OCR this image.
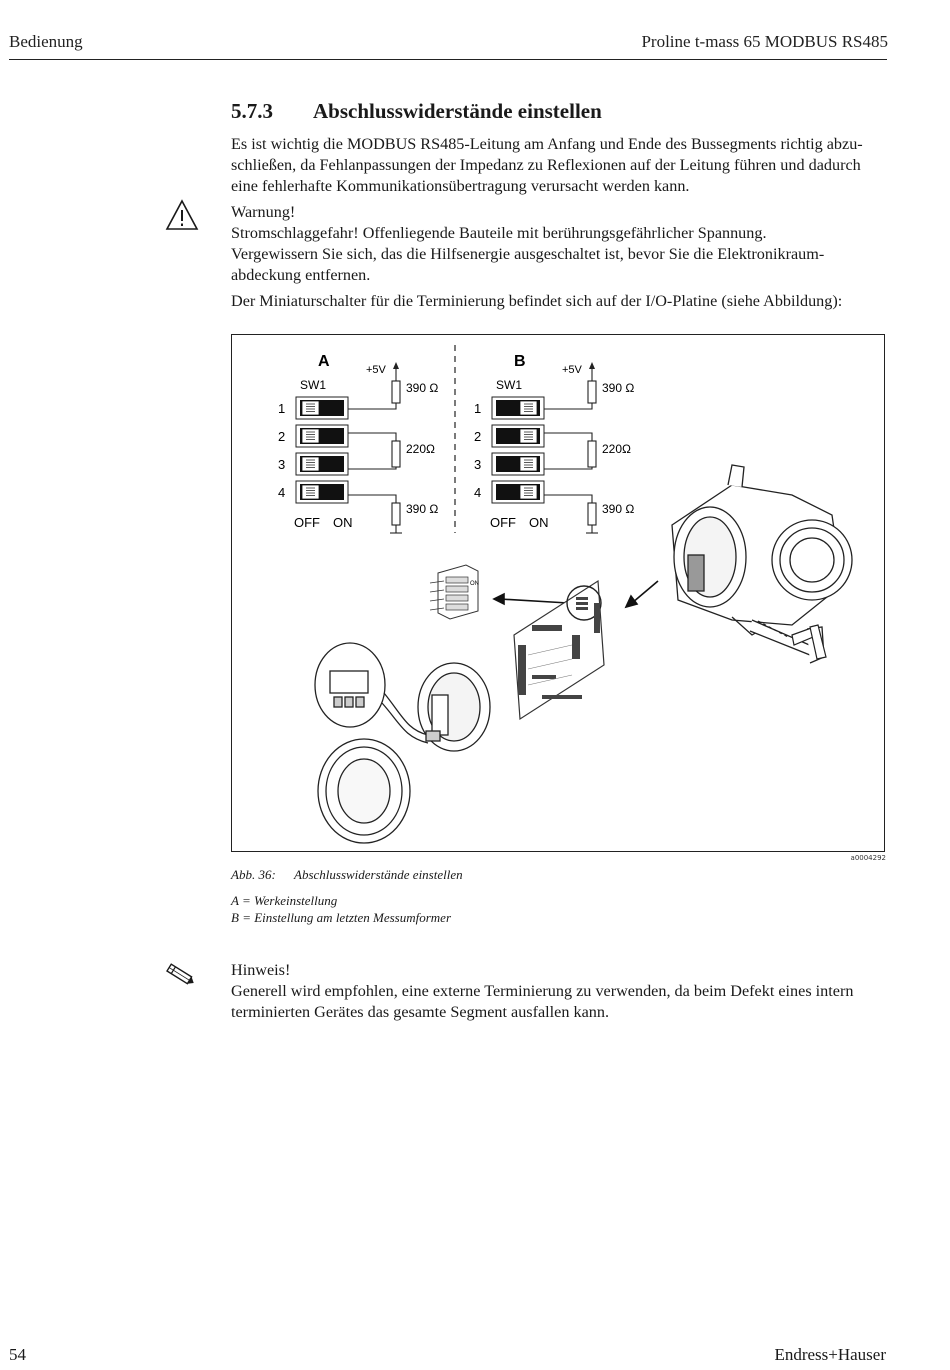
Bedienung	Proline t-mass 65 MODBUS RS485
5.7.3 Abschlusswiderstände einstellen

Es ist wichtig die MODBUS RS485-Leitung am Anfang und Ende des Bussegments richtig abzu-
schließen, da Fehlanpassungen der Impedanz zu Reflexionen auf der Leitung führen und dadurch
eine fehlerhafte Kommunikationsübertragung verursacht werden kann.

Warnung!
Stromschlaggefahr! Offenliegende Bauteile mit berührungsgefährlicher Spannung.
Vergewissern Sie sich, das die Hilfsenergie ausgeschaltet ist, bevor Sie die Elektronikraum-
abdeckung entfernen.

Der Miniaturschalter für die Terminierung befindet sich auf der I/O-Platine (siehe Abbildung):

A
SW1
+5V
390 Ω
220Ω
390 Ω
OFF ON
1
2
3
4
B
SW1
+5V
390 Ω
220Ω
390 Ω
OFF ON
1
2
3
4
ON
a0004292
Abb. 36: Abschlusswiderstände einstellen
A = Werkeinstellung
B = Einstellung am letzten Messumformer

Hinweis!
Generell wird empfohlen, eine externe Terminierung zu verwenden, da beim Defekt eines intern
terminierten Gerätes das gesamte Segment ausfallen kann.

54	Endress+Hauser
